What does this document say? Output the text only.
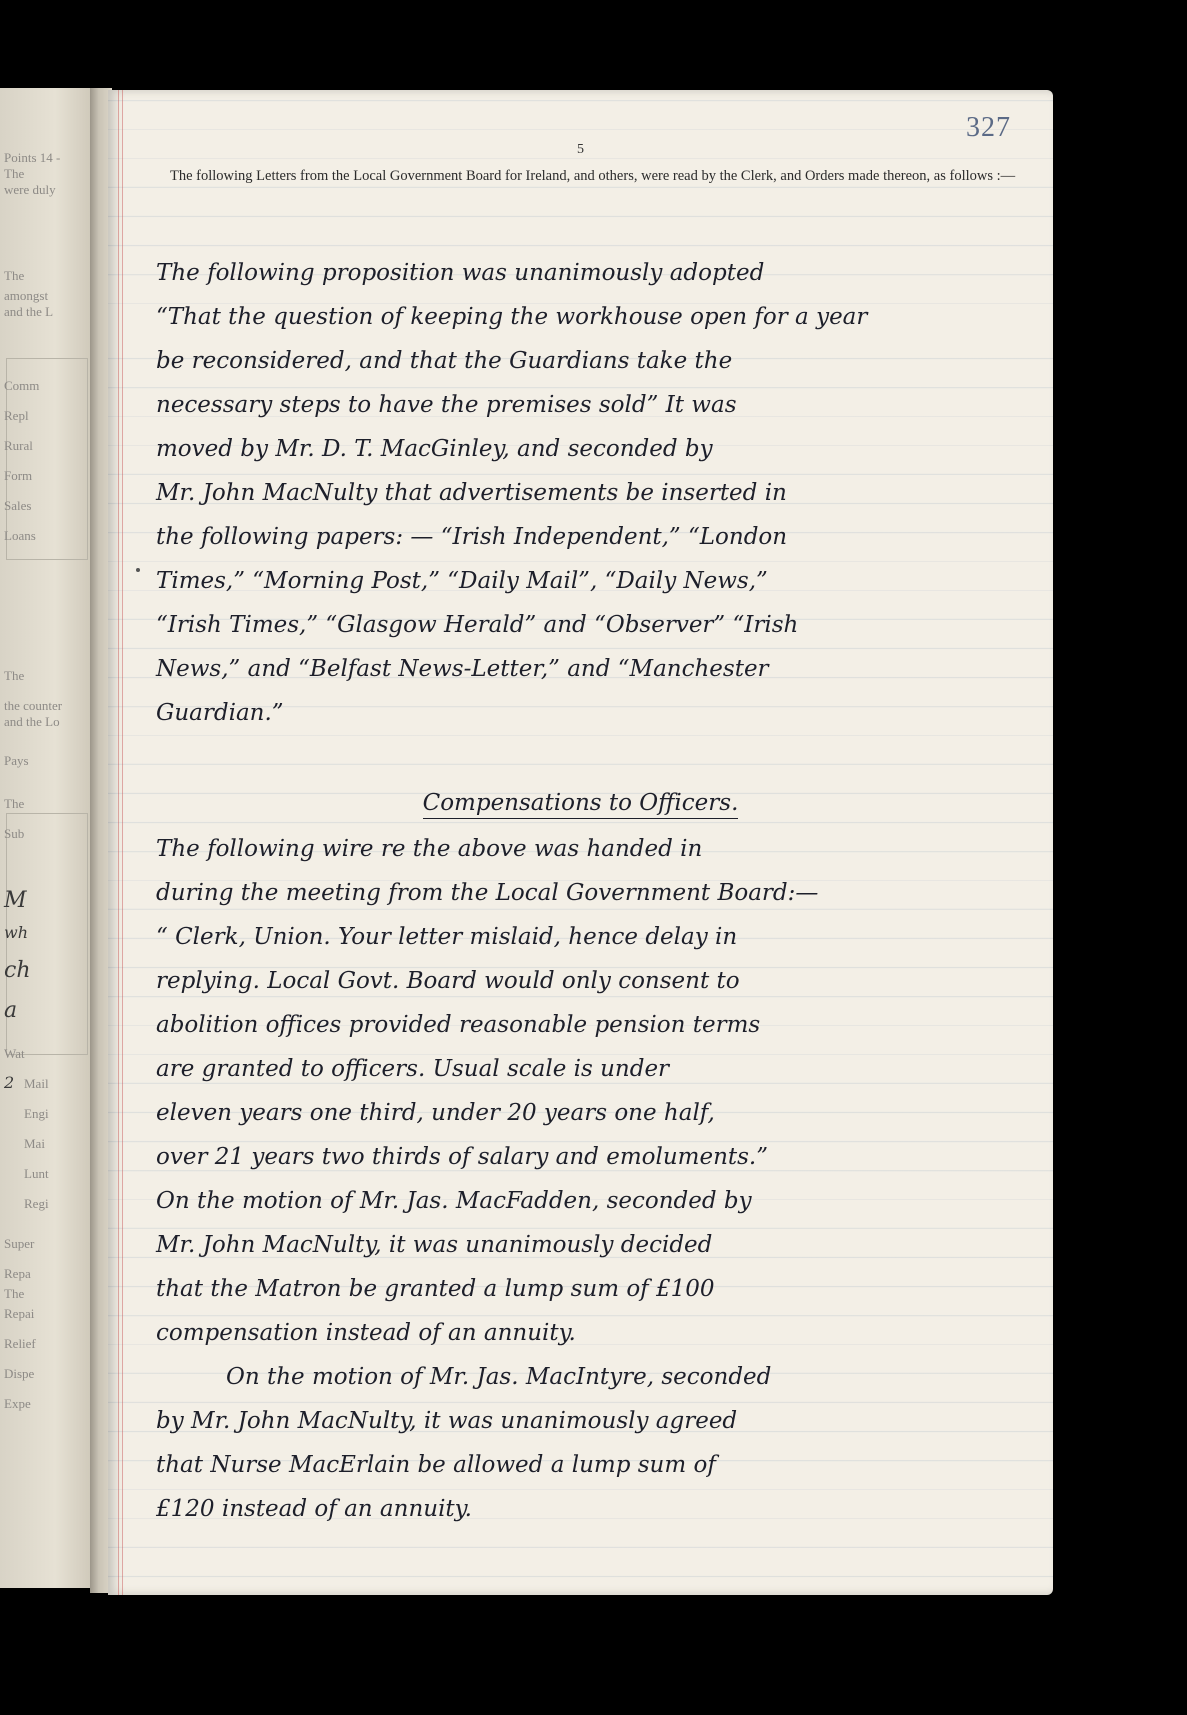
Points 14 -
The
were duly
The
amongst
and the L
Comm
Repl
Rural
Form
Sales
Loans
The
the counter
and the Lo
Pays
The
Sub
M
wh
ch
a
Wat
2 Mail
Engi
Mai
Lunt
Regi
Super
Repa
The
Repai
Relief
Dispe
Expe
327
5
The following Letters from the Local Government Board for Ireland, and others, were read by the Clerk, and Orders made thereon, as follows :—
The following proposition was unanimously adopted
“That the question of keeping the workhouse open for a year
be reconsidered, and that the Guardians take the
necessary steps to have the premises sold” It was
moved by Mr. D. T. MacGinley, and seconded by
Mr. John MacNulty that advertisements be inserted in
the following papers: — “Irish Independent,” “London
Times,” “Morning Post,” “Daily Mail”, “Daily News,”
“Irish Times,” “Glasgow Herald” and “Observer” “Irish
News,” and “Belfast News-Letter,” and “Manchester
Guardian.”
Compensations to Officers.
The following wire re the above was handed in
during the meeting from the Local Government Board:—
“ Clerk, Union. Your letter mislaid, hence delay in
replying. Local Govt. Board would only consent to
abolition offices provided reasonable pension terms
are granted to officers. Usual scale is under
eleven years one third, under 20 years one half,
over 21 years two thirds of salary and emoluments.”
On the motion of Mr. Jas. MacFadden, seconded by
Mr. John MacNulty, it was unanimously decided
that the Matron be granted a lump sum of £100
compensation instead of an annuity.
On the motion of Mr. Jas. MacIntyre, seconded
by Mr. John MacNulty, it was unanimously agreed
that Nurse MacErlain be allowed a lump sum of
£120 instead of an annuity.
